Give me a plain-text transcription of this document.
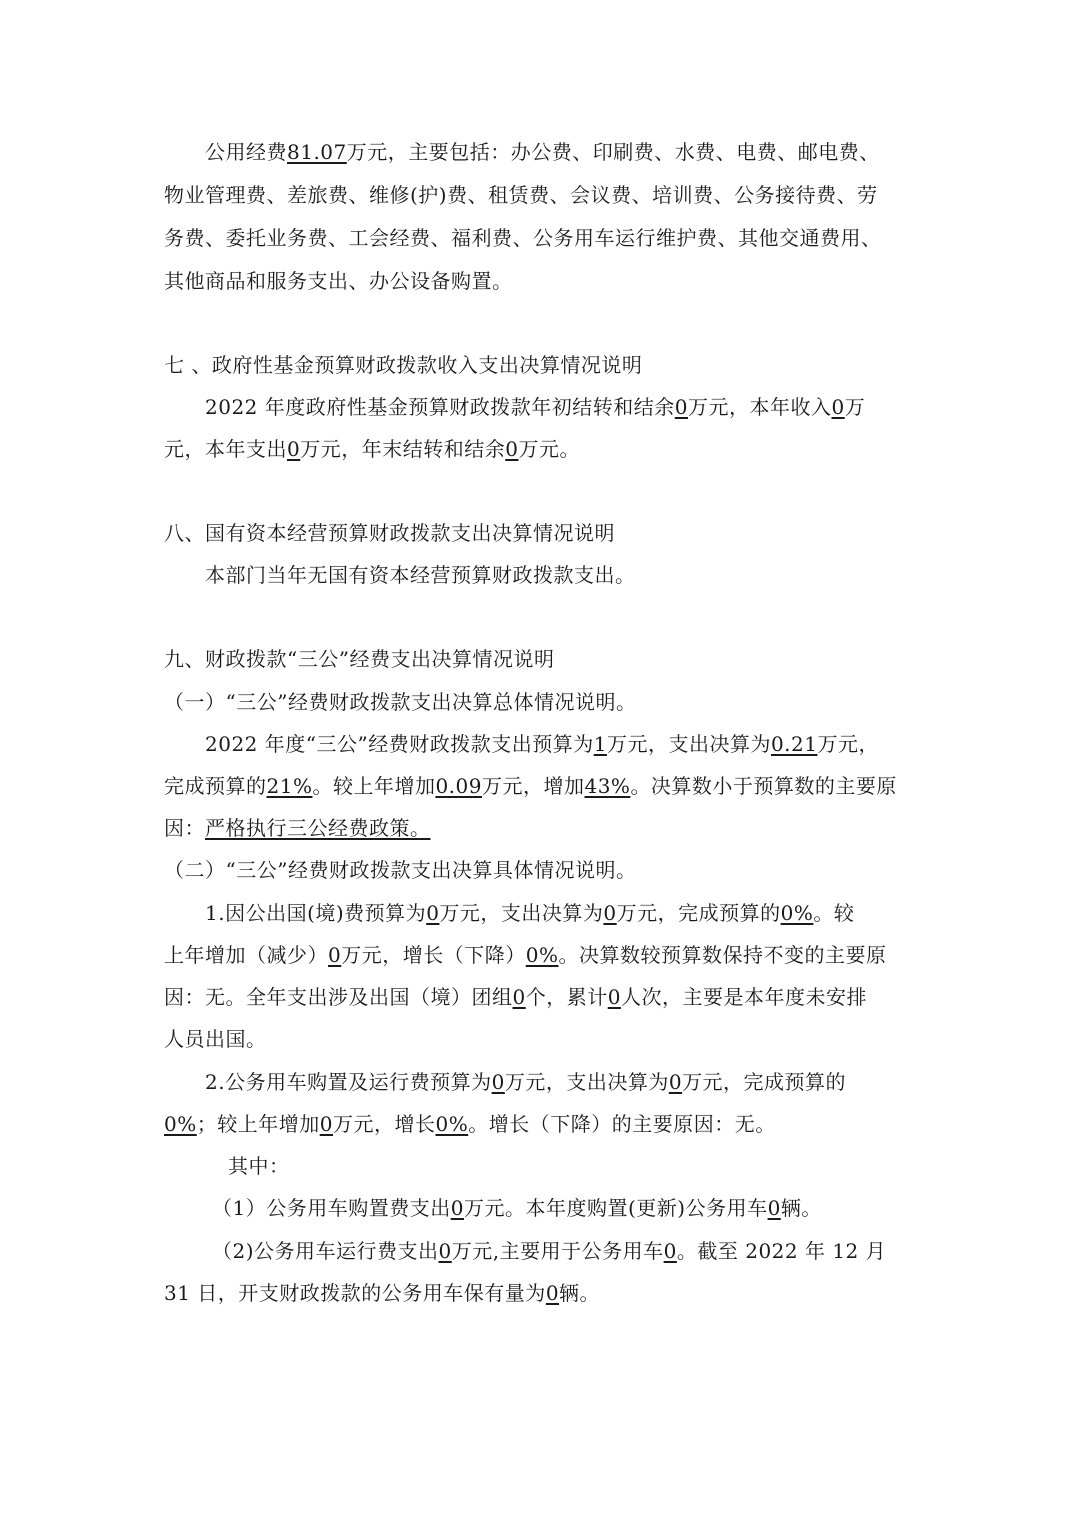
公用经费81.07万元，主要包括：办公费、印刷费、水费、电费、邮电费、
物业管理费、差旅费、维修(护)费、租赁费、会议费、培训费、公务接待费、劳
务费、委托业务费、工会经费、福利费、公务用车运行维护费、其他交通费用、
其他商品和服务支出、办公设备购置。
七 、政府性基金预算财政拨款收入支出决算情况说明
2022 年度政府性基金预算财政拨款年初结转和结余0万元，本年收入0万
元，本年支出0万元，年末结转和结余0万元。
八、国有资本经营预算财政拨款支出决算情况说明
本部门当年无国有资本经营预算财政拨款支出。
九、财政拨款“三公”经费支出决算情况说明
（一）“三公”经费财政拨款支出决算总体情况说明。
2022 年度“三公”经费财政拨款支出预算为1万元，支出决算为0.21万元，
完成预算的21%。较上年增加0.09万元，增加43%。决算数小于预算数的主要原
因：严格执行三公经费政策。
（二）“三公”经费财政拨款支出决算具体情况说明。
1.因公出国(境)费预算为0万元，支出决算为0万元，完成预算的0%。较
上年增加（减少）0万元，增长（下降）0%。决算数较预算数保持不变的主要原
因：无。全年支出涉及出国（境）团组0个，累计0人次，主要是本年度未安排
人员出国。
2.公务用车购置及运行费预算为0万元，支出决算为0万元，完成预算的
0%；较上年增加0万元，增长0%。增长（下降）的主要原因：无。
其中：
（1）公务用车购置费支出0万元。本年度购置(更新)公务用车0辆。
（2)公务用车运行费支出0万元,主要用于公务用车0。截至 2022 年 12 月
31 日，开支财政拨款的公务用车保有量为0辆。
